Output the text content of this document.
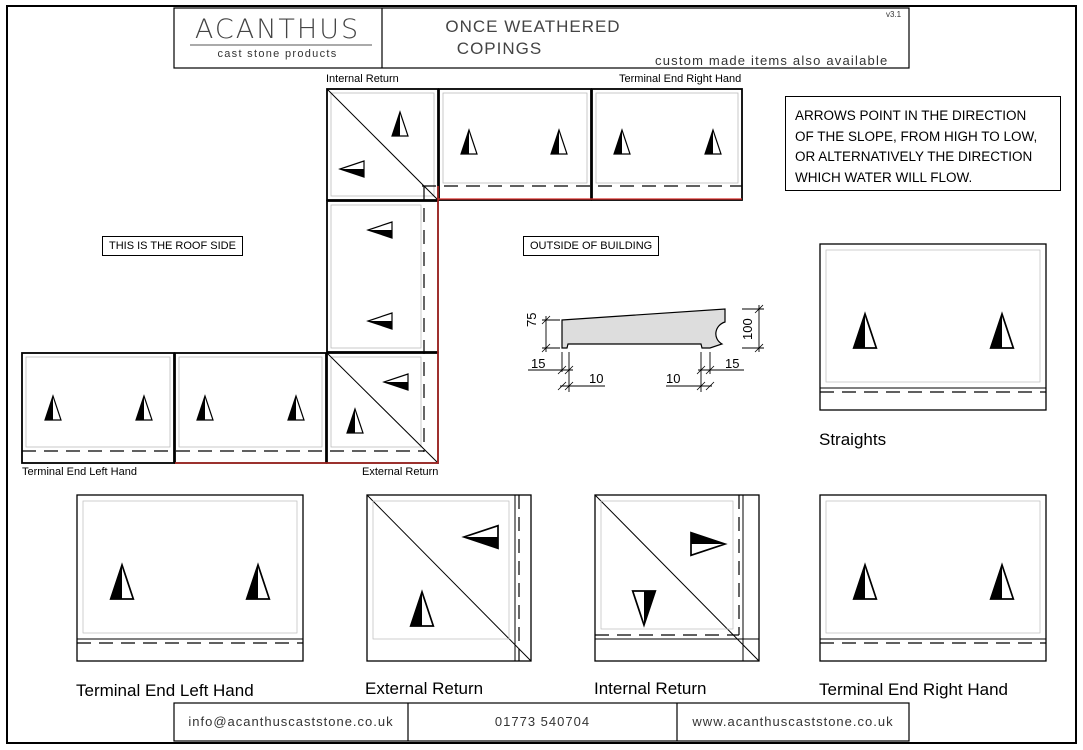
ACANTHUS
cast stone products
ONCE WEATHERED
COPINGS
v3.1
custom made items also available
ARROWS POINT IN THE DIRECTION
OF THE SLOPE, FROM HIGH TO LOW,
OR ALTERNATIVELY THE DIRECTION
WHICH WATER WILL FLOW.
Internal Return	Terminal End Right Hand
Terminal End Left Hand	External Return
THIS IS THE ROOF SIDE	OUTSIDE OF BUILDING
75	100
15
10	10
15
Straights
Terminal End Left Hand	External Return	Internal Return	Terminal End Right Hand
info@acanthuscaststone.co.uk	01773 540704	www.acanthuscaststone.co.uk
